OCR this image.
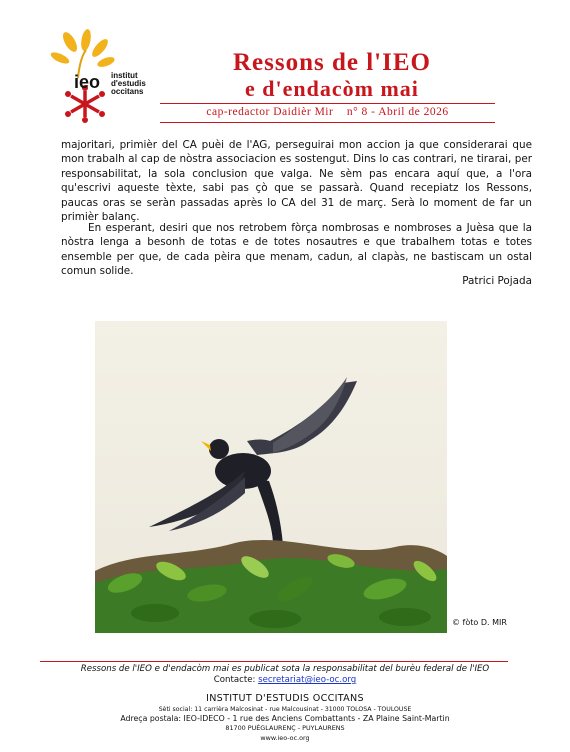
ieo institut
d'estudis
occitans
Ressons de l'IEO
e d'endacòm mai
cap-redactor Daidièr Mir    n° 8 - Abril de 2026
majoritari, primièr del CA puèi de l'AG, perseguirai mon accion ja que considerarai que mon trabalh al cap de nòstra associacion es sostengut. Dins lo cas contrari, ne tirarai, per responsabilitat, la sola conclusion que valga. Ne sèm pas encara aquí que, a l'ora qu'escrivi aqueste tèxte, sabi pas çò que se passarà. Quand recepiatz los Ressons, paucas oras se seràn passadas après lo CA del 31 de març. Serà lo moment de far un primièr balanç.
En esperant, desiri que nos retrobem fòrça nombrosas e nombroses a Juèsa que la nòstra lenga a besonh de totas e de totes nosautres e que trabalhem totas e totes ensemble per que, de cada pèira que menam, cadun, al clapàs, ne bastiscam un ostal comun solide.
Patrici Pojada
© fòto D. MIR
Ressons de l'IEO e d'endacòm mai es publicat sota la responsabilitat del burèu federal de l'IEO
Contacte: secretariat@ieo-oc.org
INSTITUT D'ESTUDIS OCCITANS
Sèti social: 11 carrièra Malcosinat - rue Malcousinat - 31000 TOLOSA - TOULOUSE
Adreça postala: IEO-IDECO - 1 rue des Anciens Combattants - ZA Plaine Saint-Martin
81700 PUÈGLAURENÇ - PUYLAURENS
www.ieo-oc.org
